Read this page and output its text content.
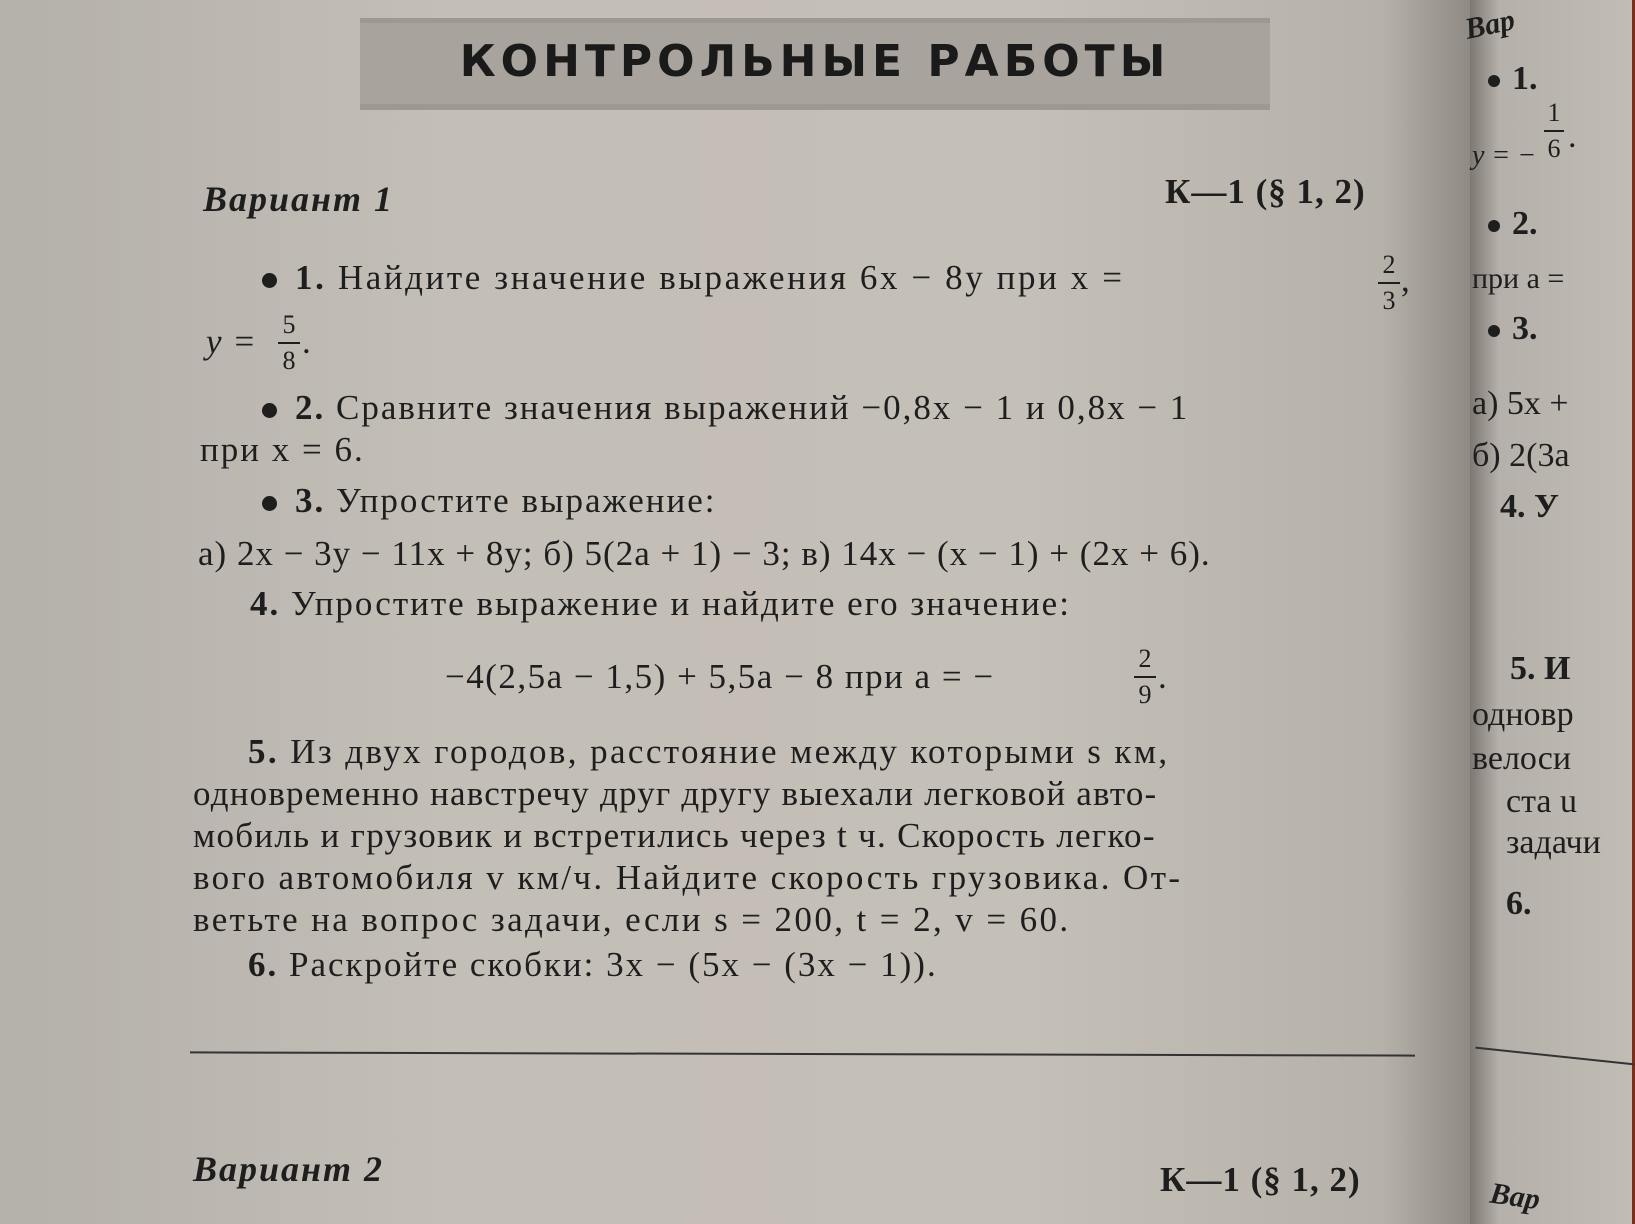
КОНТРОЛЬНЫЕ РАБОТЫ
Вариант 1	К—1 (§ 1, 2)
1. Найдите значение выражения 6x − 8y при x =	2
3
,
y = 5
8 .
2. Сравните значения выражений −0,8x − 1 и 0,8x − 1
при x = 6.
3. Упростите выражение:
а) 2x − 3y − 11x + 8y; б) 5(2a + 1) − 3; в) 14x − (x − 1) + (2x + 6).
4. Упростите выражение и найдите его значение:
−4(2,5a − 1,5) + 5,5a − 8 при a = −	2
9 .
5. Из двух городов, расстояние между которыми s км,
одновременно навстречу друг другу выехали легковой авто-
мобиль и грузовик и встретились через t ч. Скорость легко-
вого автомобиля v км/ч. Найдите скорость грузовика. От-
ветьте на вопрос задачи, если s = 200, t = 2, v = 60.
6. Раскройте скобки: 3x − (5x − (3x − 1)).
Вариант 2	К—1 (§ 1, 2)
Вар
1.
y = −
1
6 .
2.
при a =
3.
а) 5x +
б) 2(3a
4. У
5. И
одновр
велоси
ста u
задачи
6.
Вар
